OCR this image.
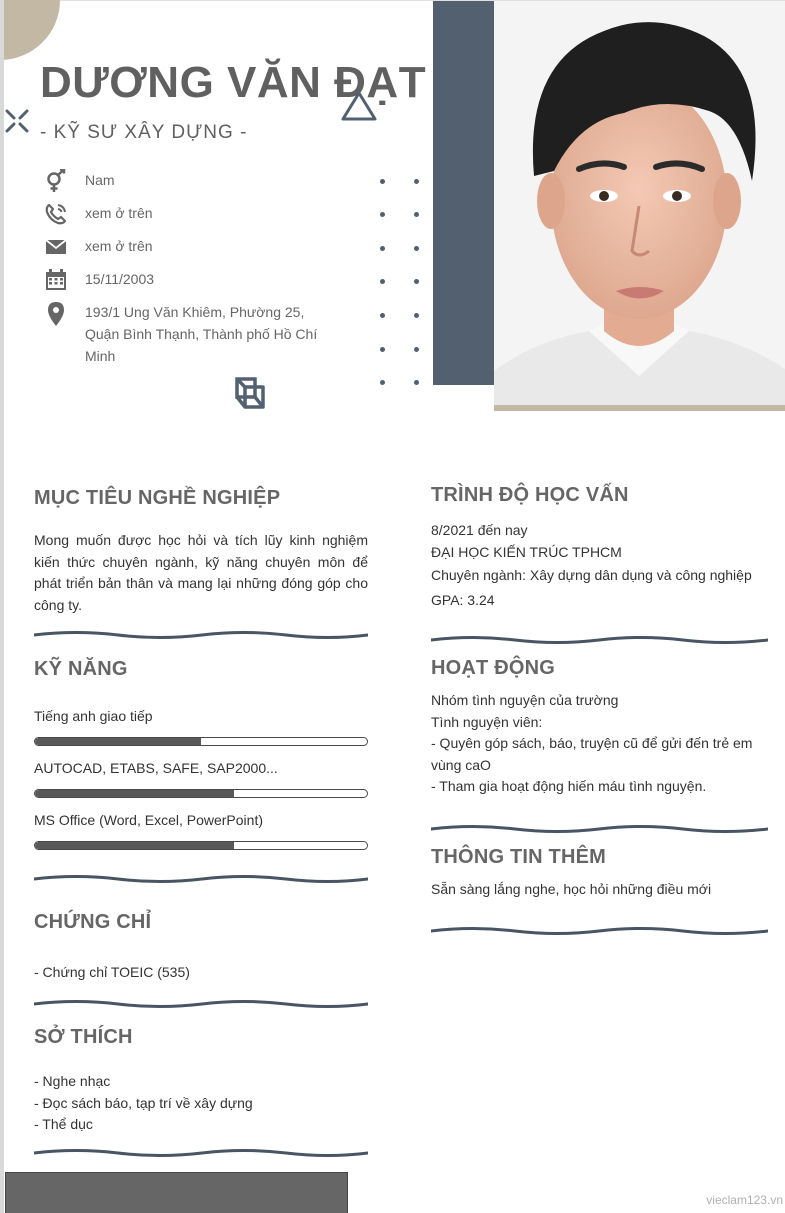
DƯƠNG VĂN ĐẠT
- KỸ SƯ XÂY DỰNG -
Nam
xem ở trên
xem ở trên
15/11/2003
193/1 Ung Văn Khiêm, Phường 25, Quận Bình Thạnh, Thành phố Hồ Chí Minh
MỤC TIÊU NGHỀ NGHIỆP
Mong muốn được học hỏi và tích lũy kinh nghiệm kiến thức chuyên ngành, kỹ năng chuyên môn để phát triển bản thân và mang lại những đóng góp cho công ty.
KỸ NĂNG
Tiếng anh giao tiếp
AUTOCAD, ETABS, SAFE, SAP2000...
MS Office (Word, Excel, PowerPoint)
CHỨNG CHỈ
- Chứng chỉ TOEIC (535)
SỞ THÍCH
- Nghe nhạc
- Đọc sách báo, tạp trí về xây dựng
- Thể dục
TRÌNH ĐỘ HỌC VẤN
8/2021 đến nay
ĐẠI HỌC KIẾN TRÚC TPHCM
Chuyên ngành: Xây dựng dân dụng và công nghiệp
GPA: 3.24
HOẠT ĐỘNG
Nhóm tình nguyện của trường
Tình nguyện viên:
- Quyên góp sách, báo, truyện cũ để gửi đến trẻ em vùng caO
- Tham gia hoạt động hiến máu tình nguyện.
THÔNG TIN THÊM
Sẵn sàng lắng nghe, học hỏi những điều mới
vieclam123.vn
